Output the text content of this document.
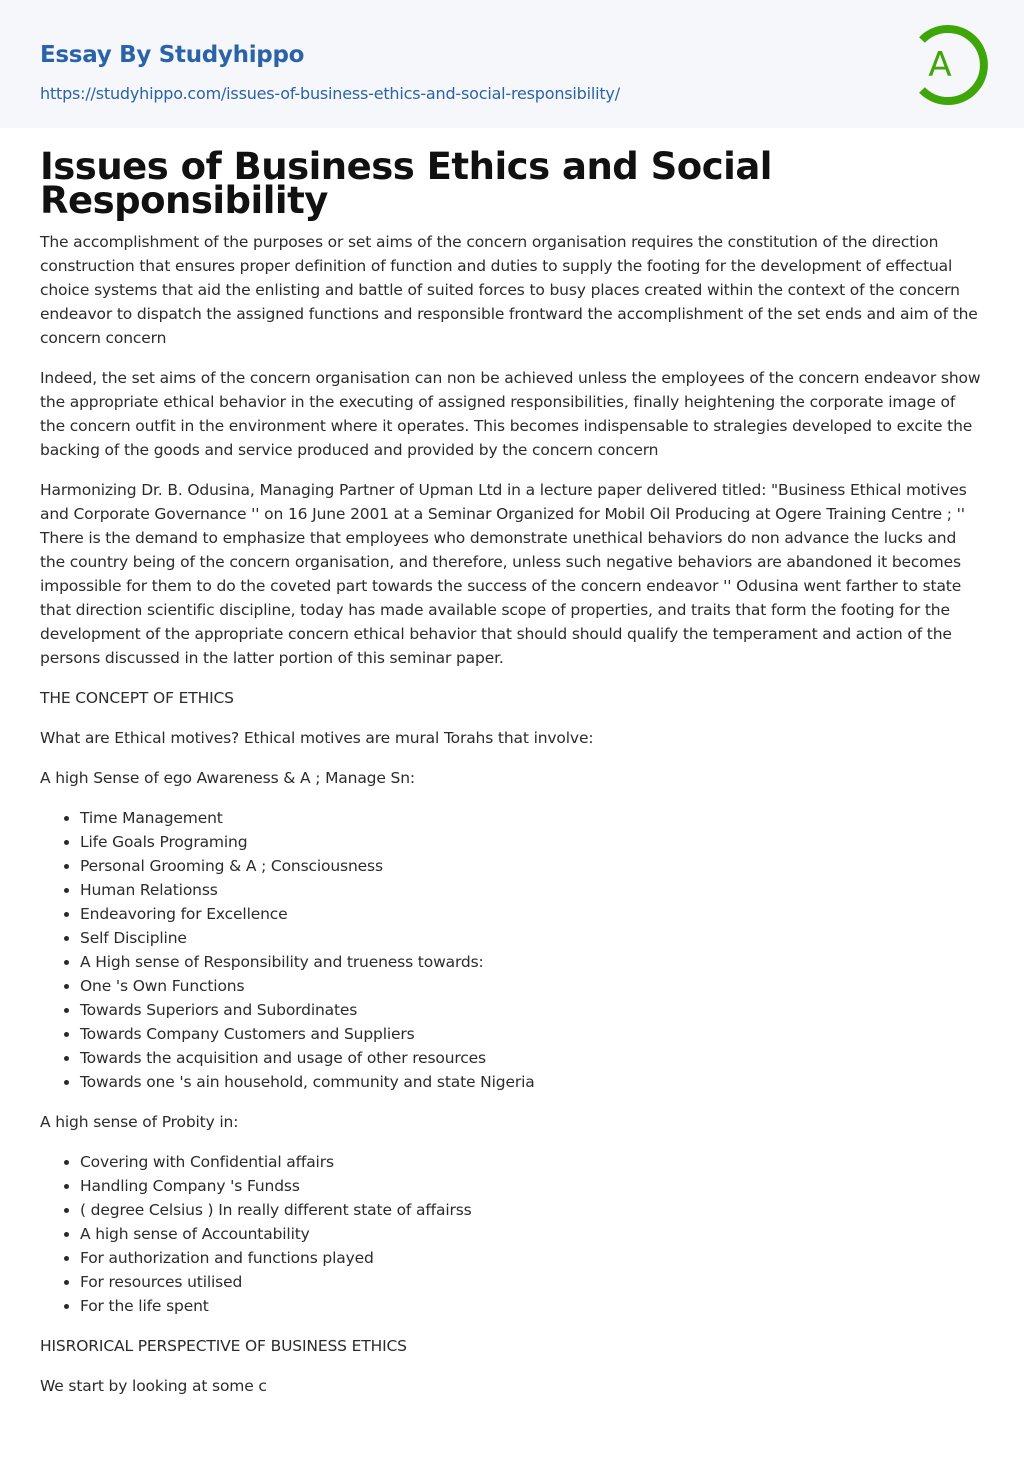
Essay By Studyhippo
https://studyhippo.com/issues-of-business-ethics-and-social-responsibility/
A
Issues of Business Ethics and Social Responsibility

The accomplishment of the purposes or set aims of the concern organisation requires the constitution of the direction construction that ensures proper definition of function and duties to supply the footing for the development of effectual choice systems that aid the enlisting and battle of suited forces to busy places created within the context of the concern endeavor to dispatch the assigned functions and responsible frontward the accomplishment of the set ends and aim of the concern concern

Indeed, the set aims of the concern organisation can non be achieved unless the employees of the concern endeavor show the appropriate ethical behavior in the executing of assigned responsibilities, finally heightening the corporate image of the concern outfit in the environment where it operates. This becomes indispensable to stralegies developed to excite the backing of the goods and service produced and provided by the concern concern

Harmonizing Dr. B. Odusina, Managing Partner of Upman Ltd in a lecture paper delivered titled: "Business Ethical motives and Corporate Governance '' on 16 June 2001 at a Seminar Organized for Mobil Oil Producing at Ogere Training Centre ; '' There is the demand to emphasize that employees who demonstrate unethical behaviors do non advance the lucks and the country being of the concern organisation, and therefore, unless such negative behaviors are abandoned it becomes impossible for them to do the coveted part towards the success of the concern endeavor '' Odusina went farther to state that direction scientific discipline, today has made available scope of properties, and traits that form the footing for the development of the appropriate concern ethical behavior that should should qualify the temperament and action of the persons discussed in the latter portion of this seminar paper.

THE CONCEPT OF ETHICS

What are Ethical motives? Ethical motives are mural Torahs that involve:

A high Sense of ego Awareness & A ; Manage Sn:

• Time Management
• Life Goals Programing
• Personal Grooming & A ; Consciousness
• Human Relationss
• Endeavoring for Excellence
• Self Discipline
• A High sense of Responsibility and trueness towards:
• One 's Own Functions
• Towards Superiors and Subordinates
• Towards Company Customers and Suppliers
• Towards the acquisition and usage of other resources
• Towards one 's ain household, community and state Nigeria

A high sense of Probity in:

• Covering with Confidential affairs
• Handling Company 's Fundss
• ( degree Celsius ) In really different state of affairss
• A high sense of Accountability
• For authorization and functions played
• For resources utilised
• For the life spent

HISRORICAL PERSPECTIVE OF BUSINESS ETHICS

We start by looking at some c
